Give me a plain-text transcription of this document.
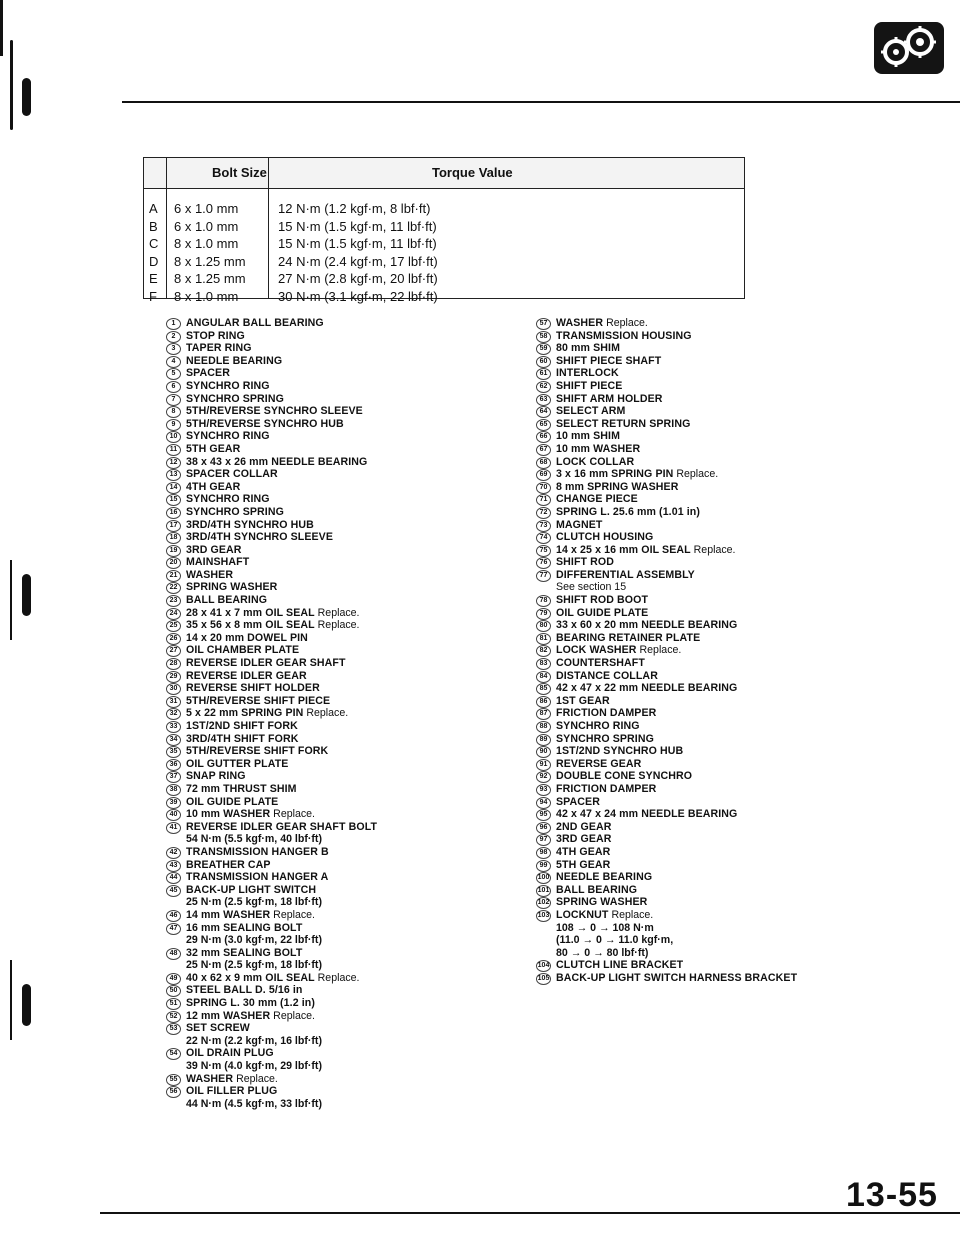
Bolt Size	Torque Value
A 6 x 1.0 mm	12 N·m (1.2 kgf·m, 8 lbf·ft)
B 6 x 1.0 mm	15 N·m (1.5 kgf·m, 11 lbf·ft)
C 8 x 1.0 mm	15 N·m (1.5 kgf·m, 11 lbf·ft)
D 8 x 1.25 mm 24 N·m (2.4 kgf·m, 17 lbf·ft)
E 8 x 1.25 mm 27 N·m (2.8 kgf·m, 20 lbf·ft)
F 8 x 1.0 mm	30 N·m (3.1 kgf·m, 22 lbf·ft)
1 ANGULAR BALL BEARING
2 STOP RING
3 TAPER RING
4 NEEDLE BEARING
5 SPACER
6 SYNCHRO RING
7 SYNCHRO SPRING
8 5TH/REVERSE SYNCHRO SLEEVE
9 5TH/REVERSE SYNCHRO HUB
10 SYNCHRO RING
11 5TH GEAR
12 38 x 43 x 26 mm NEEDLE BEARING
13 SPACER COLLAR
14 4TH GEAR
15 SYNCHRO RING
16 SYNCHRO SPRING
17 3RD/4TH SYNCHRO HUB
18 3RD/4TH SYNCHRO SLEEVE
19 3RD GEAR
20 MAINSHAFT
21 WASHER
22 SPRING WASHER
23 BALL BEARING
24 28 x 41 x 7 mm OIL SEAL Replace.
25 35 x 56 x 8 mm OIL SEAL Replace.
26 14 x 20 mm DOWEL PIN
27 OIL CHAMBER PLATE
28 REVERSE IDLER GEAR SHAFT
29 REVERSE IDLER GEAR
30 REVERSE SHIFT HOLDER
31 5TH/REVERSE SHIFT PIECE
32 5 x 22 mm SPRING PIN Replace.
33 1ST/2ND SHIFT FORK
34 3RD/4TH SHIFT FORK
35 5TH/REVERSE SHIFT FORK
36 OIL GUTTER PLATE
37 SNAP RING
38 72 mm THRUST SHIM
39 OIL GUIDE PLATE
40 10 mm WASHER Replace.
41 REVERSE IDLER GEAR SHAFT BOLT
54 N·m (5.5 kgf·m, 40 lbf·ft)
42 TRANSMISSION HANGER B
43 BREATHER CAP
44 TRANSMISSION HANGER A
45 BACK-UP LIGHT SWITCH
25 N·m (2.5 kgf·m, 18 lbf·ft)
46 14 mm WASHER Replace.
47 16 mm SEALING BOLT
29 N·m (3.0 kgf·m, 22 lbf·ft)
48 32 mm SEALING BOLT
25 N·m (2.5 kgf·m, 18 lbf·ft)
49 40 x 62 x 9 mm OIL SEAL Replace.
50 STEEL BALL D. 5/16 in
51 SPRING L. 30 mm (1.2 in)
52 12 mm WASHER Replace.
53 SET SCREW
22 N·m (2.2 kgf·m, 16 lbf·ft)
54 OIL DRAIN PLUG
39 N·m (4.0 kgf·m, 29 lbf·ft)
55 WASHER Replace.
56 OIL FILLER PLUG
44 N·m (4.5 kgf·m, 33 lbf·ft)
57 WASHER Replace.
58 TRANSMISSION HOUSING
59 80 mm SHIM
60 SHIFT PIECE SHAFT
61 INTERLOCK
62 SHIFT PIECE
63 SHIFT ARM HOLDER
64 SELECT ARM
65 SELECT RETURN SPRING
66 10 mm SHIM
67 10 mm WASHER
68 LOCK COLLAR
69 3 x 16 mm SPRING PIN Replace.
70 8 mm SPRING WASHER
71 CHANGE PIECE
72 SPRING L. 25.6 mm (1.01 in)
73 MAGNET
74 CLUTCH HOUSING
75 14 x 25 x 16 mm OIL SEAL Replace.
76 SHIFT ROD
77 DIFFERENTIAL ASSEMBLY
See section 15
78 SHIFT ROD BOOT
79 OIL GUIDE PLATE
80 33 x 60 x 20 mm NEEDLE BEARING
81 BEARING RETAINER PLATE
82 LOCK WASHER Replace.
83 COUNTERSHAFT
84 DISTANCE COLLAR
85 42 x 47 x 22 mm NEEDLE BEARING
86 1ST GEAR
87 FRICTION DAMPER
88 SYNCHRO RING
89 SYNCHRO SPRING
90 1ST/2ND SYNCHRO HUB
91 REVERSE GEAR
92 DOUBLE CONE SYNCHRO
93 FRICTION DAMPER
94 SPACER
95 42 x 47 x 24 mm NEEDLE BEARING
96 2ND GEAR
97 3RD GEAR
98 4TH GEAR
99 5TH GEAR
100 NEEDLE BEARING
101 BALL BEARING
102 SPRING WASHER
103 LOCKNUT Replace.
108 → 0 → 108 N·m
(11.0 → 0 → 11.0 kgf·m,
80 → 0 → 80 lbf·ft)
104 CLUTCH LINE BRACKET
105 BACK-UP LIGHT SWITCH HARNESS BRACKET
13-55
